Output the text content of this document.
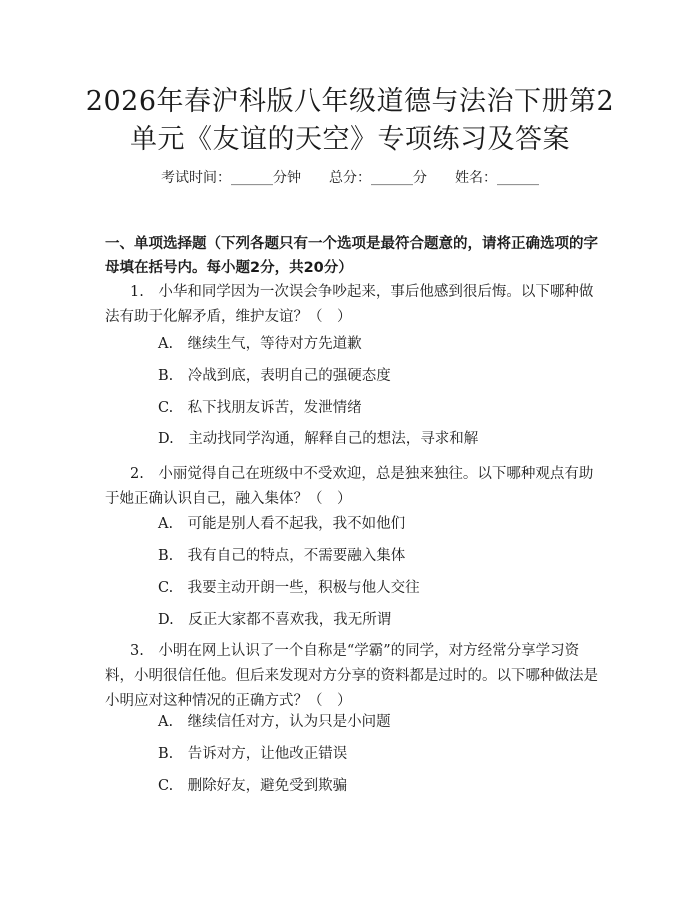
2026年春沪科版八年级道德与法治下册第2
单元《友谊的天空》专项练习及答案
考试时间：______分钟 总分：______分 姓名：______
一、单项选择题（下列各题只有一个选项是最符合题意的，请将正确选项的字母填在括号内。每小题2分，共20分）
1.　小华和同学因为一次误会争吵起来，事后他感到很后悔。以下哪种做法有助于化解矛盾，维护友谊？（　）
A.　继续生气，等待对方先道歉
B.　冷战到底，表明自己的强硬态度
C.　私下找朋友诉苦，发泄情绪
D.　主动找同学沟通，解释自己的想法，寻求和解
2.　小丽觉得自己在班级中不受欢迎，总是独来独往。以下哪种观点有助于她正确认识自己，融入集体？（　）
A.　可能是别人看不起我，我不如他们
B.　我有自己的特点，不需要融入集体
C.　我要主动开朗一些，积极与他人交往
D.　反正大家都不喜欢我，我无所谓
3.　小明在网上认识了一个自称是“学霸”的同学，对方经常分享学习资料，小明很信任他。但后来发现对方分享的资料都是过时的。以下哪种做法是小明应对这种情况的正确方式？（　）
A.　继续信任对方，认为只是小问题
B.　告诉对方，让他改正错误
C.　删除好友，避免受到欺骗
